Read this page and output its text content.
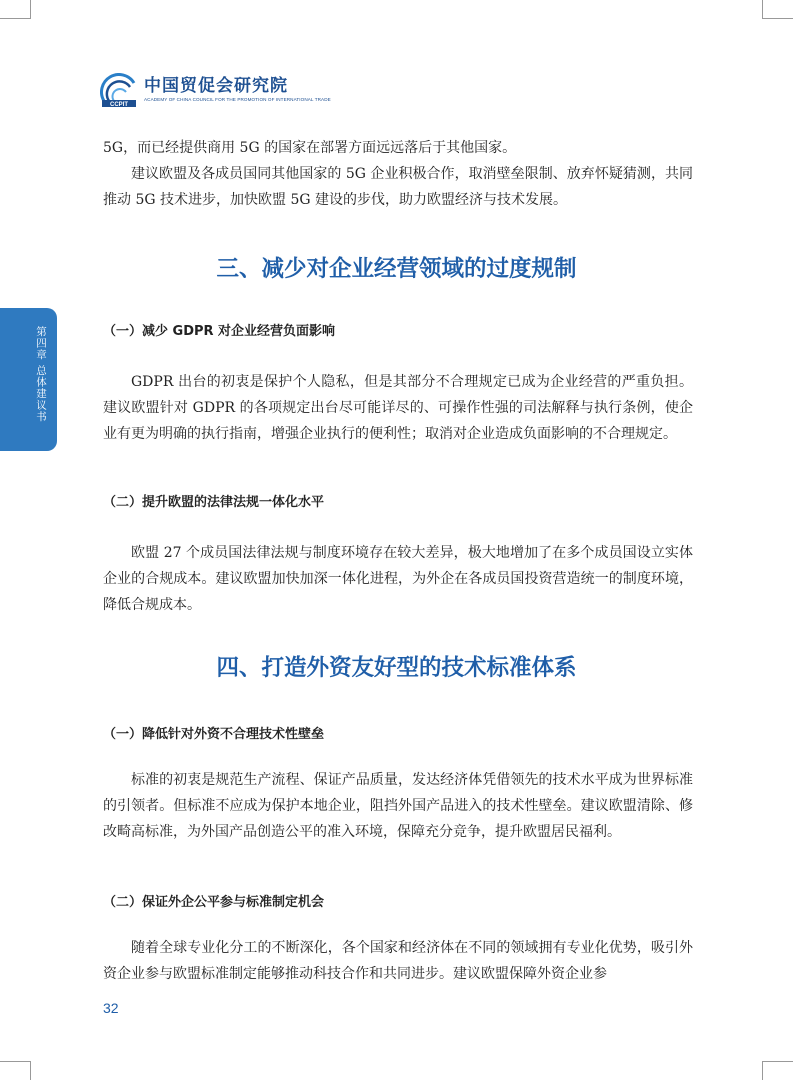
CCPIT
中国贸促会研究院
ACADEMY OF CHINA COUNCIL FOR THE PROMOTION OF INTERNATIONAL TRADE
第四章 总体建议书

5G，而已经提供商用 5G 的国家在部署方面远远落后于其他国家。

建议欧盟及各成员国同其他国家的 5G 企业积极合作，取消壁垒限制、放弃怀疑猜测，共同推动 5G 技术进步，加快欧盟 5G 建设的步伐，助力欧盟经济与技术发展。

三、减少对企业经营领域的过度规制
（一）减少 GDPR 对企业经营负面影响

GDPR 出台的初衷是保护个人隐私，但是其部分不合理规定已成为企业经营的严重负担。建议欧盟针对 GDPR 的各项规定出台尽可能详尽的、可操作性强的司法解释与执行条例，使企业有更为明确的执行指南，增强企业执行的便利性；取消对企业造成负面影响的不合理规定。

（二）提升欧盟的法律法规一体化水平

欧盟 27 个成员国法律法规与制度环境存在较大差异，极大地增加了在多个成员国设立实体企业的合规成本。建议欧盟加快加深一体化进程，为外企在各成员国投资营造统一的制度环境，降低合规成本。

四、打造外资友好型的技术标准体系
（一）降低针对外资不合理技术性壁垒

标准的初衷是规范生产流程、保证产品质量，发达经济体凭借领先的技术水平成为世界标准的引领者。但标准不应成为保护本地企业，阻挡外国产品进入的技术性壁垒。建议欧盟清除、修改畸高标准，为外国产品创造公平的准入环境，保障充分竞争，提升欧盟居民福利。

（二）保证外企公平参与标准制定机会

随着全球专业化分工的不断深化，各个国家和经济体在不同的领域拥有专业化优势，吸引外资企业参与欧盟标准制定能够推动科技合作和共同进步。建议欧盟保障外资企业参

32
